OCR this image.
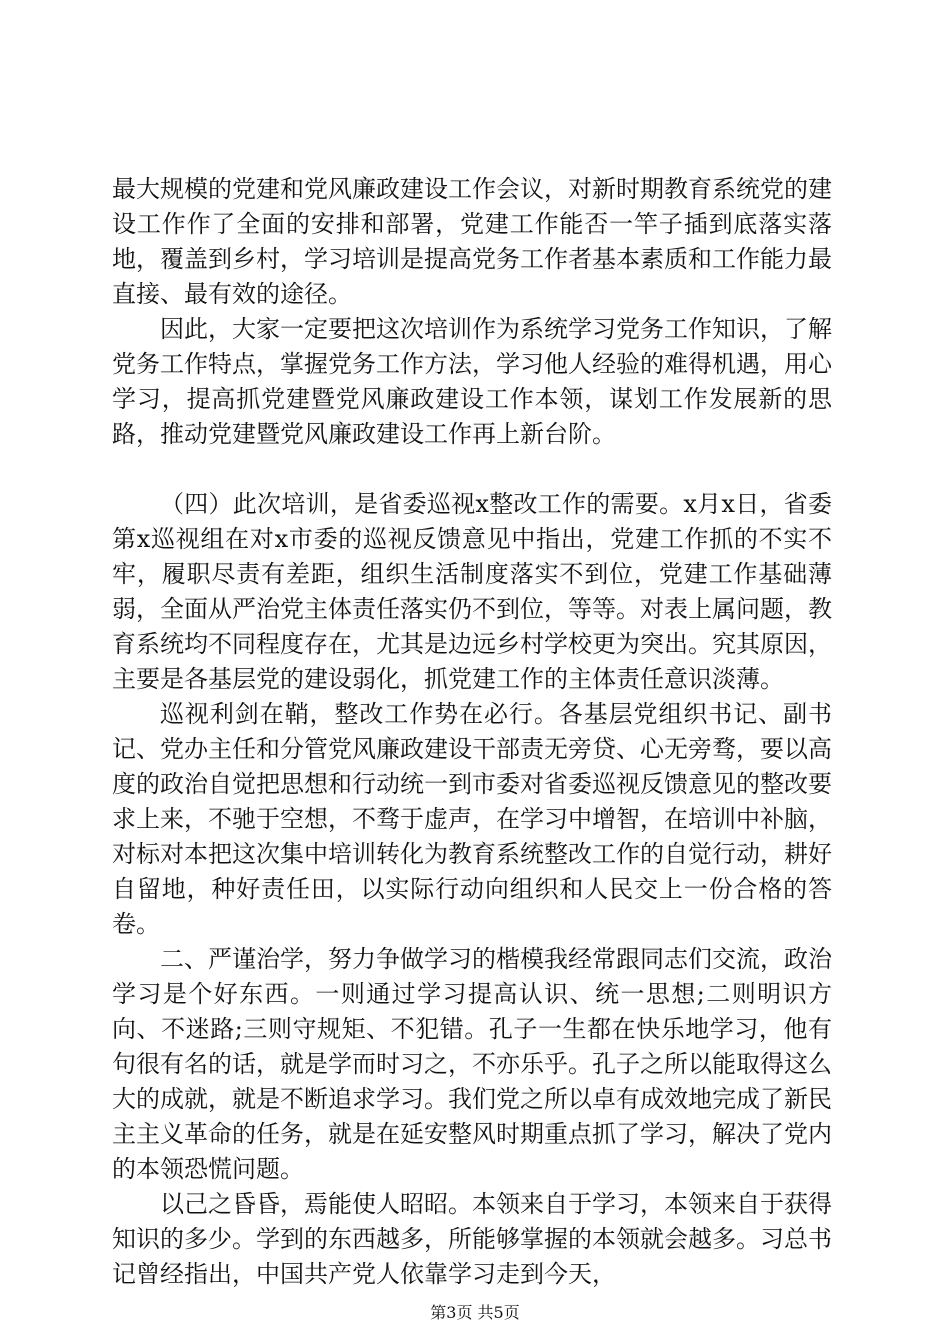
最大规模的党建和党风廉政建设工作会议，对新时期教育系统党的建设工作作了全面的安排和部署，党建工作能否一竿子插到底落实落地，覆盖到乡村，学习培训是提高党务工作者基本素质和工作能力最直接、最有效的途径。

因此，大家一定要把这次培训作为系统学习党务工作知识，了解党务工作特点，掌握党务工作方法，学习他人经验的难得机遇，用心学习，提高抓党建暨党风廉政建设工作本领，谋划工作发展新的思路，推动党建暨党风廉政建设工作再上新台阶。

（四）此次培训，是省委巡视x整改工作的需要。x月x日，省委第x巡视组在对x市委的巡视反馈意见中指出，党建工作抓的不实不牢，履职尽责有差距，组织生活制度落实不到位，党建工作基础薄弱，全面从严治党主体责任落实仍不到位，等等。对表上属问题，教育系统均不同程度存在，尤其是边远乡村学校更为突出。究其原因，主要是各基层党的建设弱化，抓党建工作的主体责任意识淡薄。

巡视利剑在鞘，整改工作势在必行。各基层党组织书记、副书记、党办主任和分管党风廉政建设干部责无旁贷、心无旁骛，要以高度的政治自觉把思想和行动统一到市委对省委巡视反馈意见的整改要求上来，不驰于空想，不骛于虚声，在学习中增智，在培训中补脑，对标对本把这次集中培训转化为教育系统整改工作的自觉行动，耕好自留地，种好责任田，以实际行动向组织和人民交上一份合格的答卷。

二、严谨治学，努力争做学习的楷模我经常跟同志们交流，政治学习是个好东西。一则通过学习提高认识、统一思想;二则明识方向、不迷路;三则守规矩、不犯错。孔子一生都在快乐地学习，他有句很有名的话，就是学而时习之，不亦乐乎。孔子之所以能取得这么大的成就，就是不断追求学习。我们党之所以卓有成效地完成了新民主主义革命的任务，就是在延安整风时期重点抓了学习，解决了党内的本领恐慌问题。

以己之昏昏，焉能使人昭昭。本领来自于学习，本领来自于获得知识的多少。学到的东西越多，所能够掌握的本领就会越多。习总书记曾经指出，中国共产党人依靠学习走到今天，

第3页 共5页
